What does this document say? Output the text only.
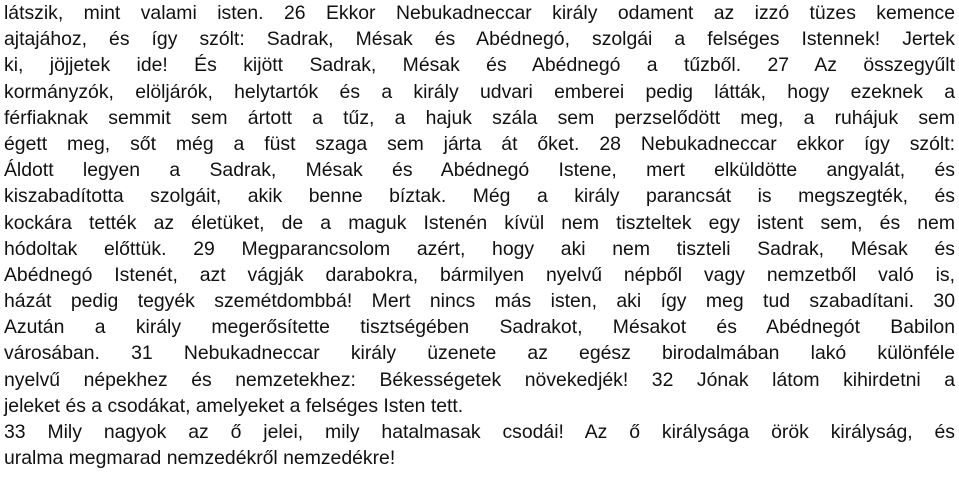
látszik, mint valami isten. 26 Ekkor Nebukadneccar király odament az izzó tüzes kemence
ajtajához, és így szólt: Sadrak, Mésak és Abédnegó, szolgái a felséges Istennek! Jertek
ki, jöjjetek ide! És kijött Sadrak, Mésak és Abédnegó a tűzből. 27 Az összegyűlt
kormányzók, elöljárók, helytartók és a király udvari emberei pedig látták, hogy ezeknek a
férfiaknak semmit sem ártott a tűz, a hajuk szála sem perzselődött meg, a ruhájuk sem
égett meg, sőt még a füst szaga sem járta át őket. 28 Nebukadneccar ekkor így szólt:
Áldott legyen a Sadrak, Mésak és Abédnegó Istene, mert elküldötte angyalát, és
kiszabadította szolgáit, akik benne bíztak. Még a király parancsát is megszegték, és
kockára tették az életüket, de a maguk Istenén kívül nem tiszteltek egy istent sem, és nem
hódoltak előttük. 29 Megparancsolom azért, hogy aki nem tiszteli Sadrak, Mésak és
Abédnegó Istenét, azt vágják darabokra, bármilyen nyelvű népből vagy nemzetből való is,
házát pedig tegyék szemétdombbá! Mert nincs más isten, aki így meg tud szabadítani. 30
Azután a király megerősítette tisztségében Sadrakot, Mésakot és Abédnegót Babilon
városában. 31 Nebukadneccar király üzenete az egész birodalmában lakó különféle
nyelvű népekhez és nemzetekhez: Békességetek növekedjék! 32 Jónak látom kihirdetni a
jeleket és a csodákat, amelyeket a felséges Isten tett.
33 Mily nagyok az ő jelei, mily hatalmasak csodái! Az ő királysága örök királyság, és
uralma megmarad nemzedékről nemzedékre!
